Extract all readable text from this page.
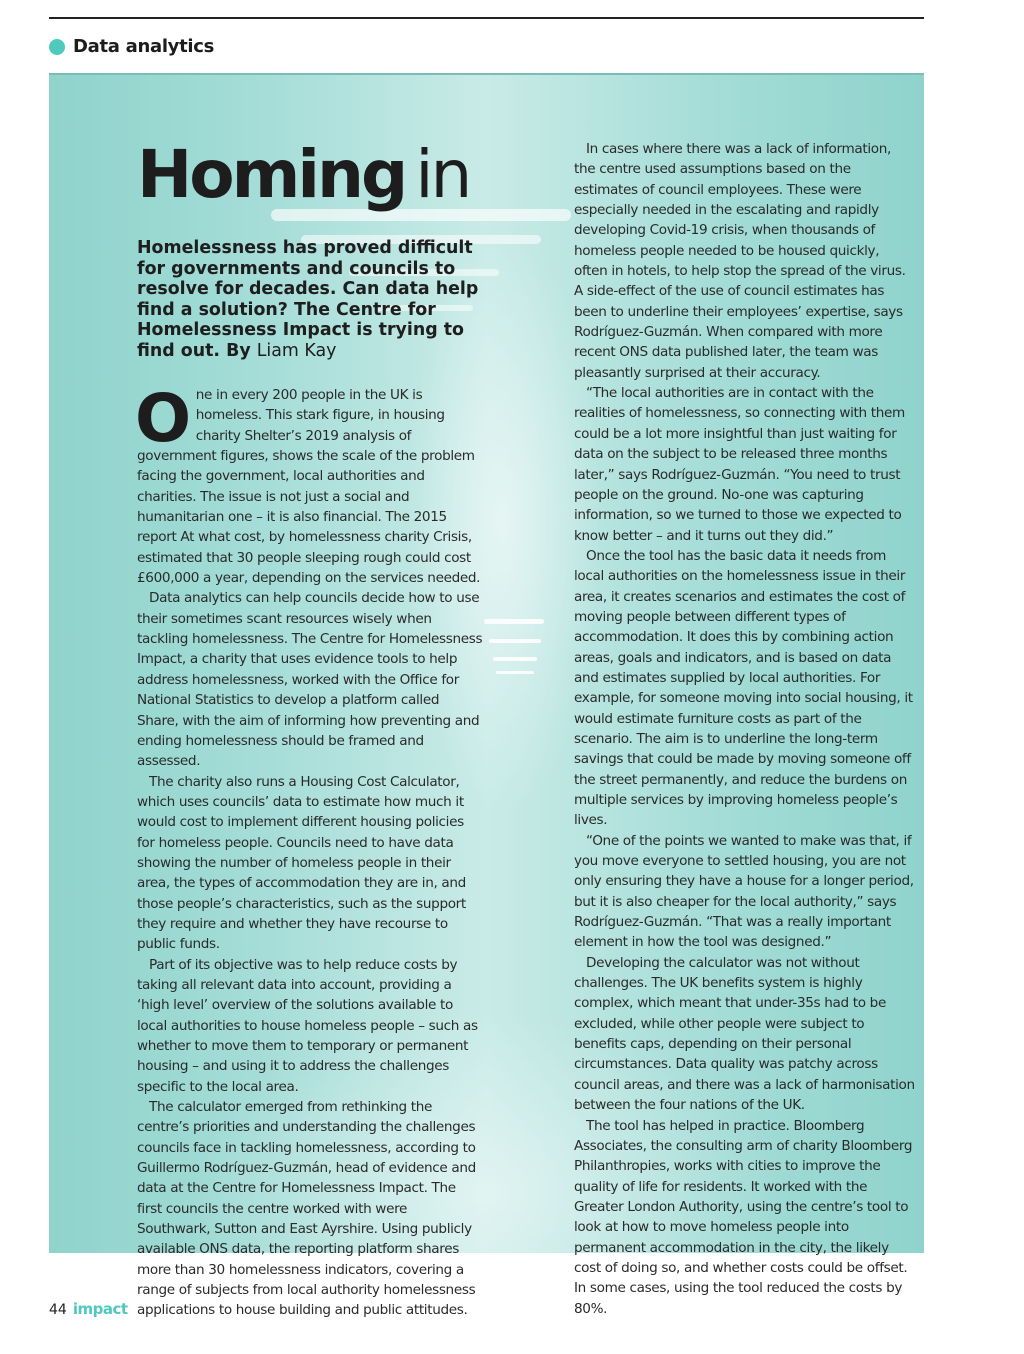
Data analytics
Homing in

Homelessness has proved difficult for governments and councils to resolve for decades. Can data help find a solution? The Centre for Homelessness Impact is trying to find out. By Liam Kay

One in every 200 people in the UK is homeless. This stark figure, in housing charity Shelter’s 2019 analysis of government figures, shows the scale of the problem facing the government, local authorities and charities. The issue is not just a social and humanitarian one – it is also financial. The 2015 report At what cost, by homelessness charity Crisis, estimated that 30 people sleeping rough could cost £600,000 a year, depending on the services needed.

Data analytics can help councils decide how to use their sometimes scant resources wisely when tackling homelessness. The Centre for Homelessness Impact, a charity that uses evidence tools to help address homelessness, worked with the Office for National Statistics to develop a platform called Share, with the aim of informing how preventing and ending homelessness should be framed and assessed.

The charity also runs a Housing Cost Calculator, which uses councils’ data to estimate how much it would cost to implement different housing policies for homeless people. Councils need to have data showing the number of homeless people in their area, the types of accommodation they are in, and those people’s characteristics, such as the support they require and whether they have recourse to public funds.

Part of its objective was to help reduce costs by taking all relevant data into account, providing a ‘high level’ overview of the solutions available to local authorities to house homeless people – such as whether to move them to temporary or permanent housing – and using it to address the challenges specific to the local area.

The calculator emerged from rethinking the centre’s priorities and understanding the challenges councils face in tackling homelessness, according to Guillermo Rodríguez-Guzmán, head of evidence and data at the Centre for Homelessness Impact. The first councils the centre worked with were Southwark, Sutton and East Ayrshire. Using publicly available ONS data, the reporting platform shares more than 30 homelessness indicators, covering a range of subjects from local authority homelessness applications to house building and public attitudes.

In cases where there was a lack of information, the centre used assumptions based on the estimates of council employees. These were especially needed in the escalating and rapidly developing Covid-19 crisis, when thousands of homeless people needed to be housed quickly, often in hotels, to help stop the spread of the virus. A side-effect of the use of council estimates has been to underline their employees’ expertise, says Rodríguez-Guzmán. When compared with more recent ONS data published later, the team was pleasantly surprised at their accuracy.

“The local authorities are in contact with the realities of homelessness, so connecting with them could be a lot more insightful than just waiting for data on the subject to be released three months later,” says Rodríguez-Guzmán. “You need to trust people on the ground. No-one was capturing information, so we turned to those we expected to know better – and it turns out they did.”

Once the tool has the basic data it needs from local authorities on the homelessness issue in their area, it creates scenarios and estimates the cost of moving people between different types of accommodation. It does this by combining action areas, goals and indicators, and is based on data and estimates supplied by local authorities. For example, for someone moving into social housing, it would estimate furniture costs as part of the scenario. The aim is to underline the long-term savings that could be made by moving someone off the street permanently, and reduce the burdens on multiple services by improving homeless people’s lives.

“One of the points we wanted to make was that, if you move everyone to settled housing, you are not only ensuring they have a house for a longer period, but it is also cheaper for the local authority,” says Rodríguez-Guzmán. “That was a really important element in how the tool was designed.”

Developing the calculator was not without challenges. The UK benefits system is highly complex, which meant that under-35s had to be excluded, while other people were subject to benefits caps, depending on their personal circumstances. Data quality was patchy across council areas, and there was a lack of harmonisation between the four nations of the UK.

The tool has helped in practice. Bloomberg Associates, the consulting arm of charity Bloomberg Philanthropies, works with cities to improve the quality of life for residents. It worked with the Greater London Authority, using the centre’s tool to look at how to move homeless people into permanent accommodation in the city, the likely cost of doing so, and whether costs could be offset. In some cases, using the tool reduced the costs by 80%.

44 impact
